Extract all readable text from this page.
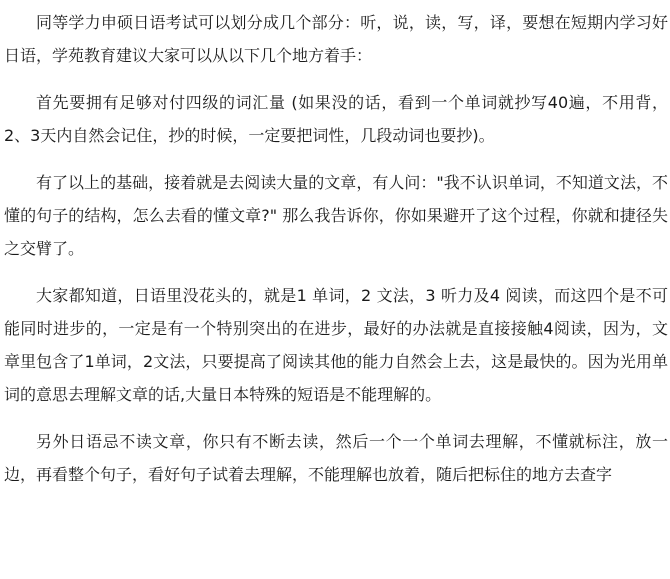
同等学力申硕日语考试可以划分成几个部分：听，说，读，写，译，要想在短期内学习好日语，学苑教育建议大家可以从以下几个地方着手：

首先要拥有足够对付四级的词汇量 (如果没的话，看到一个单词就抄写40遍，不用背，2、3天内自然会记住，抄的时候，一定要把词性，几段动词也要抄)。

有了以上的基础，接着就是去阅读大量的文章，有人问："我不认识单词，不知道文法，不懂的句子的结构，怎么去看的懂文章?" 那么我告诉你，你如果避开了这个过程，你就和捷径失之交臂了。

大家都知道，日语里没花头的，就是1 单词，2 文法，3 听力及4 阅读，而这四个是不可能同时进步的，一定是有一个特别突出的在进步，最好的办法就是直接接触4阅读，因为，文章里包含了1单词，2文法，只要提高了阅读其他的能力自然会上去，这是最快的。因为光用单词的意思去理解文章的话,大量日本特殊的短语是不能理解的。

另外日语忌不读文章，你只有不断去读，然后一个一个单词去理解，不懂就标注，放一边，再看整个句子，看好句子试着去理解，不能理解也放着，随后把标住的地方去查字
